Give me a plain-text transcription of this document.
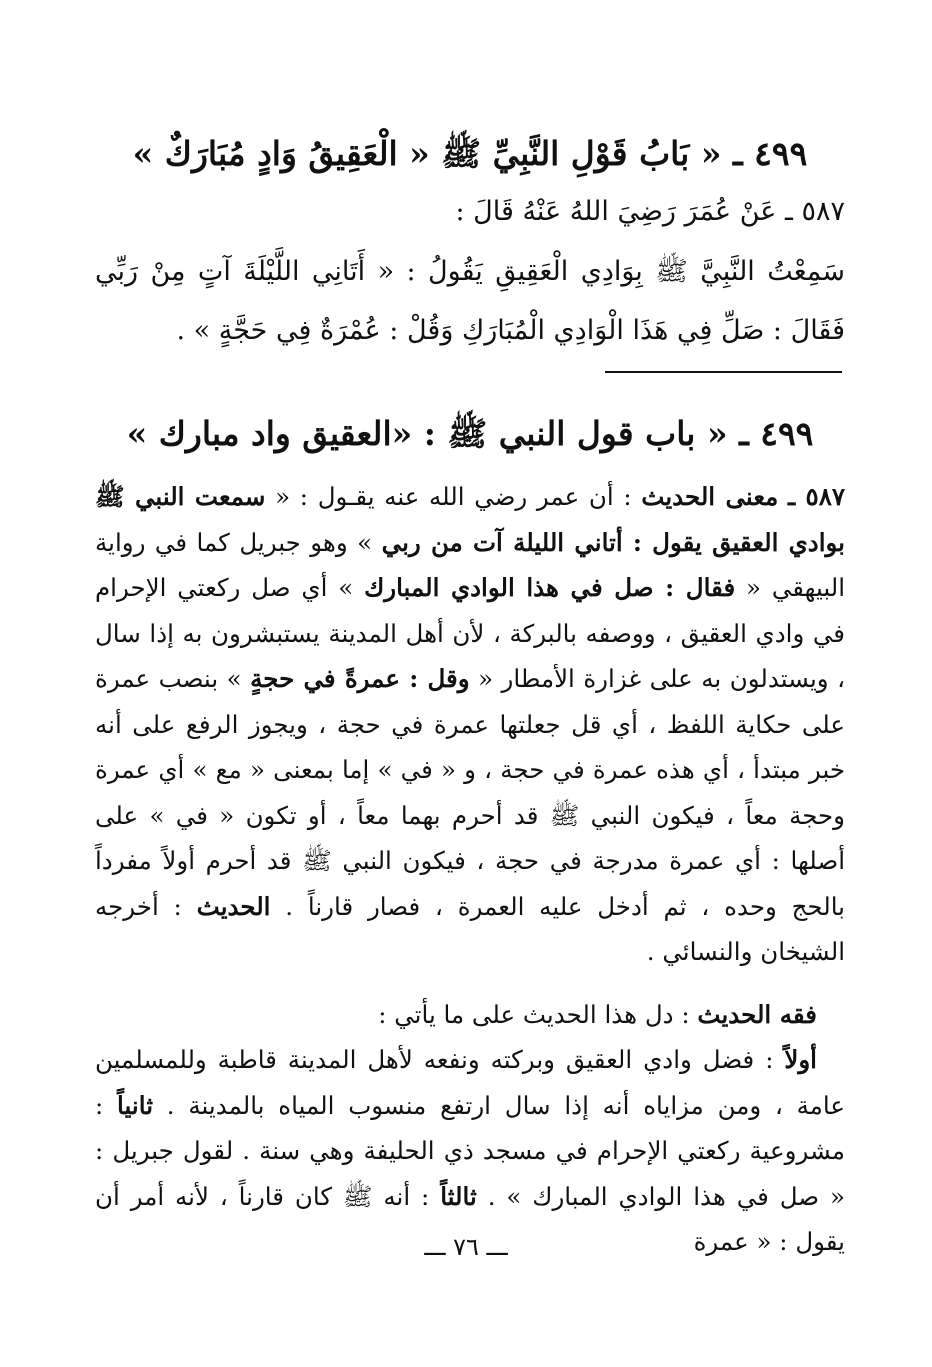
٤٩٩ ـ « بَابُ قَوْلِ النَّبِيِّ ﷺ « الْعَقِيقُ وَادٍ مُبَارَكٌ »
٥٨٧ ـ عَنْ عُمَرَ رَضِيَ اللهُ عَنْهُ قَالَ :
سَمِعْتُ النَّبِيَّ ﷺ بِوَادِي الْعَقِيقِ يَقُولُ : « أَتَانِي اللَّيْلَةَ آتٍ مِنْ رَبِّي
فَقَالَ : صَلِّ فِي هَذَا الْوَادِي الْمُبَارَكِ وَقُلْ : عُمْرَةٌ فِي حَجَّةٍ » .
٤٩٩ ـ « باب قول النبي ﷺ : «العقيق واد مبارك »
٥٨٧ ـ معنى الحديث : أن عمر رضي الله عنه يقـول : « سمعت النبي ﷺ بوادي العقيق يقول : أتاني الليلة آت من ربي » وهو جبريل كما في رواية البيهقي « فقال : صل في هذا الوادي المبارك » أي صل ركعتي الإحرام في وادي العقيق ، ووصفه بالبركة ، لأن أهل المدينة يستبشرون به إذا سال ، ويستدلون به على غزارة الأمطار « وقل : عمرةً في حجةٍ » بنصب عمرة على حكاية اللفظ ، أي قل جعلتها عمرة في حجة ، ويجوز الرفع على أنه خبر مبتدأ ، أي هذه عمرة في حجة ، و « في » إما بمعنى « مع » أي عمرة وحجة معاً ، فيكون النبي ﷺ قد أحرم بهما معاً ، أو تكون « في » على أصلها : أي عمرة مدرجة في حجة ، فيكون النبي ﷺ قد أحرم أولاً مفرداً بالحج وحده ، ثم أدخل عليه العمرة ، فصار قارناً . الحديث : أخرجه الشيخان والنسائي .
فقه الحديث : دل هذا الحديث على ما يأتي :
أولاً : فضل وادي العقيق وبركته ونفعه لأهل المدينة قاطبة وللمسلمين عامة ، ومن مزاياه أنه إذا سال ارتفع منسوب المياه بالمدينة . ثانياً : مشروعية ركعتي الإحرام في مسجد ذي الحليفة وهي سنة . لقول جبريل : « صل في هذا الوادي المبارك » . ثالثاً : أنه ﷺ كان قارناً ، لأنه أمر أن يقول : « عمرة
ـــ ٧٦ ـــ
